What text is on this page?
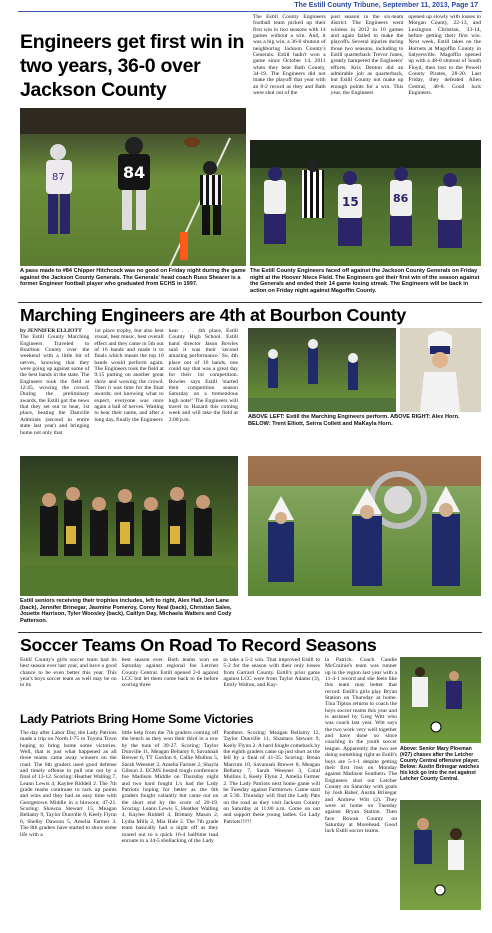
The Estill County Tribune, September 11, 2013, Page 17
Engineers get first win in two years, 36-0 over Jackson County

The Estill County Engineers football team picked up their first win in two seasons with 14 games without a win. And, it was a big win, a 36-0 shutout of neighboring Jackson County's Generals. Estill hadn't won a game since October 14, 2011 when they beat Bath County, 34-19. The Engineers did not make the playoff that year with an 8-2 record as they and Bath were shut out of the

post season in the six-team district. The Engineers went winless in 2012 in 10 games and again failed to make the playoffs. Several injuries during those two seasons, including to Estill quarterback Trevor Jones, greatly hampered the Engineers' efforts. Kris Denton did an admirable job as quarterback, but Estill County not make up enough points for a win. This year, the Engineers

opened up slowly with losses to Morgan County, 22-13, and Lexington Christian, 33-14, before getting their first win. Next week, Estill takes on the Hornets at Magoffin County in Salyersville. Magoffin opened up with a 48-0 shutout of South Floyd, then lost to the Powell County Pirates, 28-20. Last Friday, they defeated Allen Central, 48-8. Good luck Engineers.

87	84
15	86
A pass made to #84 Chipper Hitchcock was no good on Friday night during the game against the Jackson County Generals. The Generals' head coach Russ Shearer is a former Engineer football player who graduated from ECHS in 1997.
The Estill County Engineers faced off against the Jackson County Generals on Friday night at the Hoover Niece Field. The Engineers got their first win of the season against the Generals and ended their 14 game losing streak. The Engineers will be back in action on Friday night against Magoffin County.
Marching Engineers are 4th at Bourbon County

by JENNIFER ELLIOTT

The Estill County Marching Engineers Traveled to Bourbon County over the weekend with a little bit of nerves, knowing that they were going up against some of the best bands in the state. The Engineers took the field at 12:45, wowing the crowd. During the preliminary awards, the Estill got the news that they set out to hear, 1st place, beating the Danville Admirals (second in entire state last year) and bringing home not only that

1st place trophy, but also best visual, best music, best overall effect and they came in 5th out of 16 bands and made it to finals which meant the top 10 bands would perform again. The Engineers took the field at 9:15 putting on another great show and wowing the crowd. Then it was time for the final awards; not knowing what to expect, everyone was once again a ball of nerves. Waiting to hear their name, and after a long day, finally the Engineers

hear . . . 4th place, Estill County High School. Estill band director Jason Bowles said it was their 'second amazing performance.' So, 4th place out of 16 bands, one could say that was a great day for their 1st competition. Bowles says Estill 'started their competition season Saturday on a tremendous high note!' The Engineers will travel to Hazard this coming week and will take the field at 3:00 p.m.	ABOVE LEFT: Estill the Marching Engineers perform. ABOVE RIGHT: Alex Horn. BELOW: Trent Elliott, Seirra Collett and MaKayla Horn.
Estill seniors receiving their trophies includes, left to right, Alex Hall, Jon Lane (back), Jennifer Brinegar, Jasmine Pomeroy, Corey Neal (back), Christian Salee, Jouette Harrison, Tyler Woosley (back), Caitlyn Day, Michaela Walters and Cody Patterson.
Soccer Teams On Road To Record Seasons

Estill County's girls soccer team had its best season ever last year, and have a good chance to be even better this year. This year's boys soccer team as well may be on to its

best season ever. Both teams won on Saturday against regional foe Letcher County Central. Estill opened 2-0 against LCC but let them come back to tie before scoring three

to take a 5-2 win. That improved Estill to 5-2 for the season with their only losses from Garrard County. Estill's prior game against LCC were from Taylor Adams (3), Emily Walton, and Kay-

la Patrick. Coach Candie McCrainie's team was runner up in the region last year with a 11-4-1 record and she feels like this team may better that record. Estill's girls play Bryan Station on Thursday at home. Tina Tipton returns to coach the boys soccer teams this year and is assisted by Greg Witt who was coach last year. Witt says the two work very well together and have done so since coaching in the youth soccer league. Apparently the two are doing something right as Estill's boys are 5-1-1 despite getting their first loss on Monday against Madison Southern. The Engineers shut out Letcher County on Saturday with goals by Josh Baber, Austin Brinegar and Andrew Witt (2). They were at home on Tuesday against Bryan Station. Then face Rowan County on Saturday at Morehead. Good luck Estill soccer teams.

Above: Senior Mary Ploeman (#27) chases after the Letcher County Central offensive player. Below: Austin Brinegar watches his kick go into the net against Letcher County Central.
Lady Patriots Bring Home Some Victories

The day after Labor Day, the Lady Patriots made a trip on North I-75 to Toyota Town hoping to bring home some victories. Well, that is just what happened as all three teams came away winners on the road. The 6th graders used good defense and timely offense to pull one out by a final of 13-12. Scoring: Heather Walling 7, Leann Lewis 4, Kaylee Riddell 2. The 7th grade teams continues to rack up points and wins and they had an easy time with Georgetown Middle in a blowout, 47-21. Scoring: Shawna Stewart 15, Meagan Bellamy 9, Taylor Dunville 9, Keely Flynn 6, Shelby Dawson 5, Amelia Farmer 3. The 8th graders have started to show some life with a

little help from the 7th graders coming off the bench as they won their third in a row by the tune of 39-27. Scoring: Taylor Dunville 11, Meagan Bellamy 8, Savannah Brewer 6, TT Gordon 6, Callie Mullins 5, Sarah Weesner 2, Amelia Farmer 2, Shayla Gibson 2. ECMS hosted tough conference foe Madison Middle on Thursday night and two hard fought L's had the Lady Patriots hoping for better as the 6th graders fought valiantly but came out on the short end by the score of 20-19. Scoring: Leann Lewis 5, Heather Walling 4, Kaylee Riddell 4, Brittany Mason 2, Lydia Mills 2, Mia Hale 2. The 7th grade team basically had a night off as they roared out to a quick 16-4 halftime lead enroute to a 34-5 shellacking of the Lady

Panthers. Scoring: Meagan Bellamy 12, Taylor Dunville 11, Shantara Stewart 9, Keely Flynn 2. A hard fought comeback by the eighth graders came up just short as the fell by a final of 41-35. Scoring: Brean Marcum 10, Savannah Brewer 8, Meagan Bellamy 7, Sarah Weesner 3, Coral Mullins 3, Keely Flynn 2, Amelia Farmer 2. The Lady Patriots next home game will be Tuesday against Farmtown. Game start at 5:30. Thursday will find the Lady Pats on the road as they visit Jackson County on Saturday at 11:00 a.m. Come on out and support these young ladies. Go Lady Patriots!!!!!!
